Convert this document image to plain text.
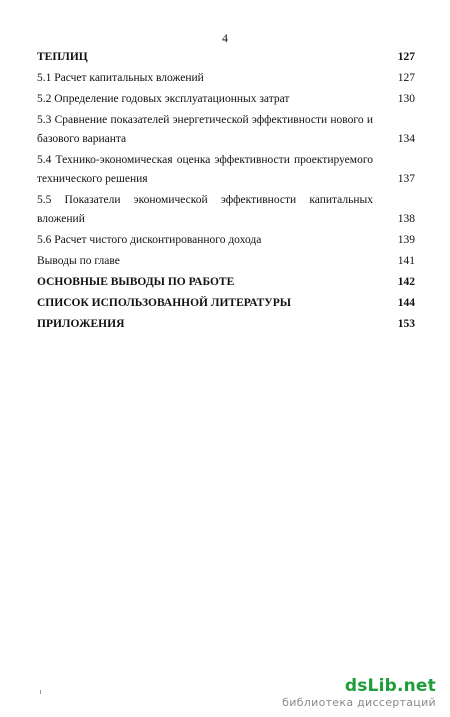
4
ТЕПЛИЦ	127
5.1 Расчет капитальных вложений	127
5.2 Определение годовых эксплуатационных затрат	130
5.3 Сравнение показателей энергетической эффективности нового и
базового варианта	134
5.4 Технико-экономическая оценка эффективности проектируемого
технического решения	137
5.5 Показатели экономической эффективности капитальных
вложений	138
5.6 Расчет чистого дисконтированного дохода	139
Выводы по главе	141
ОСНОВНЫЕ ВЫВОДЫ ПО РАБОТЕ	142
СПИСОК ИСПОЛЬЗОВАННОЙ ЛИТЕРАТУРЫ	144
ПРИЛОЖЕНИЯ	153
dsLib.net
библиотека диссертаций
